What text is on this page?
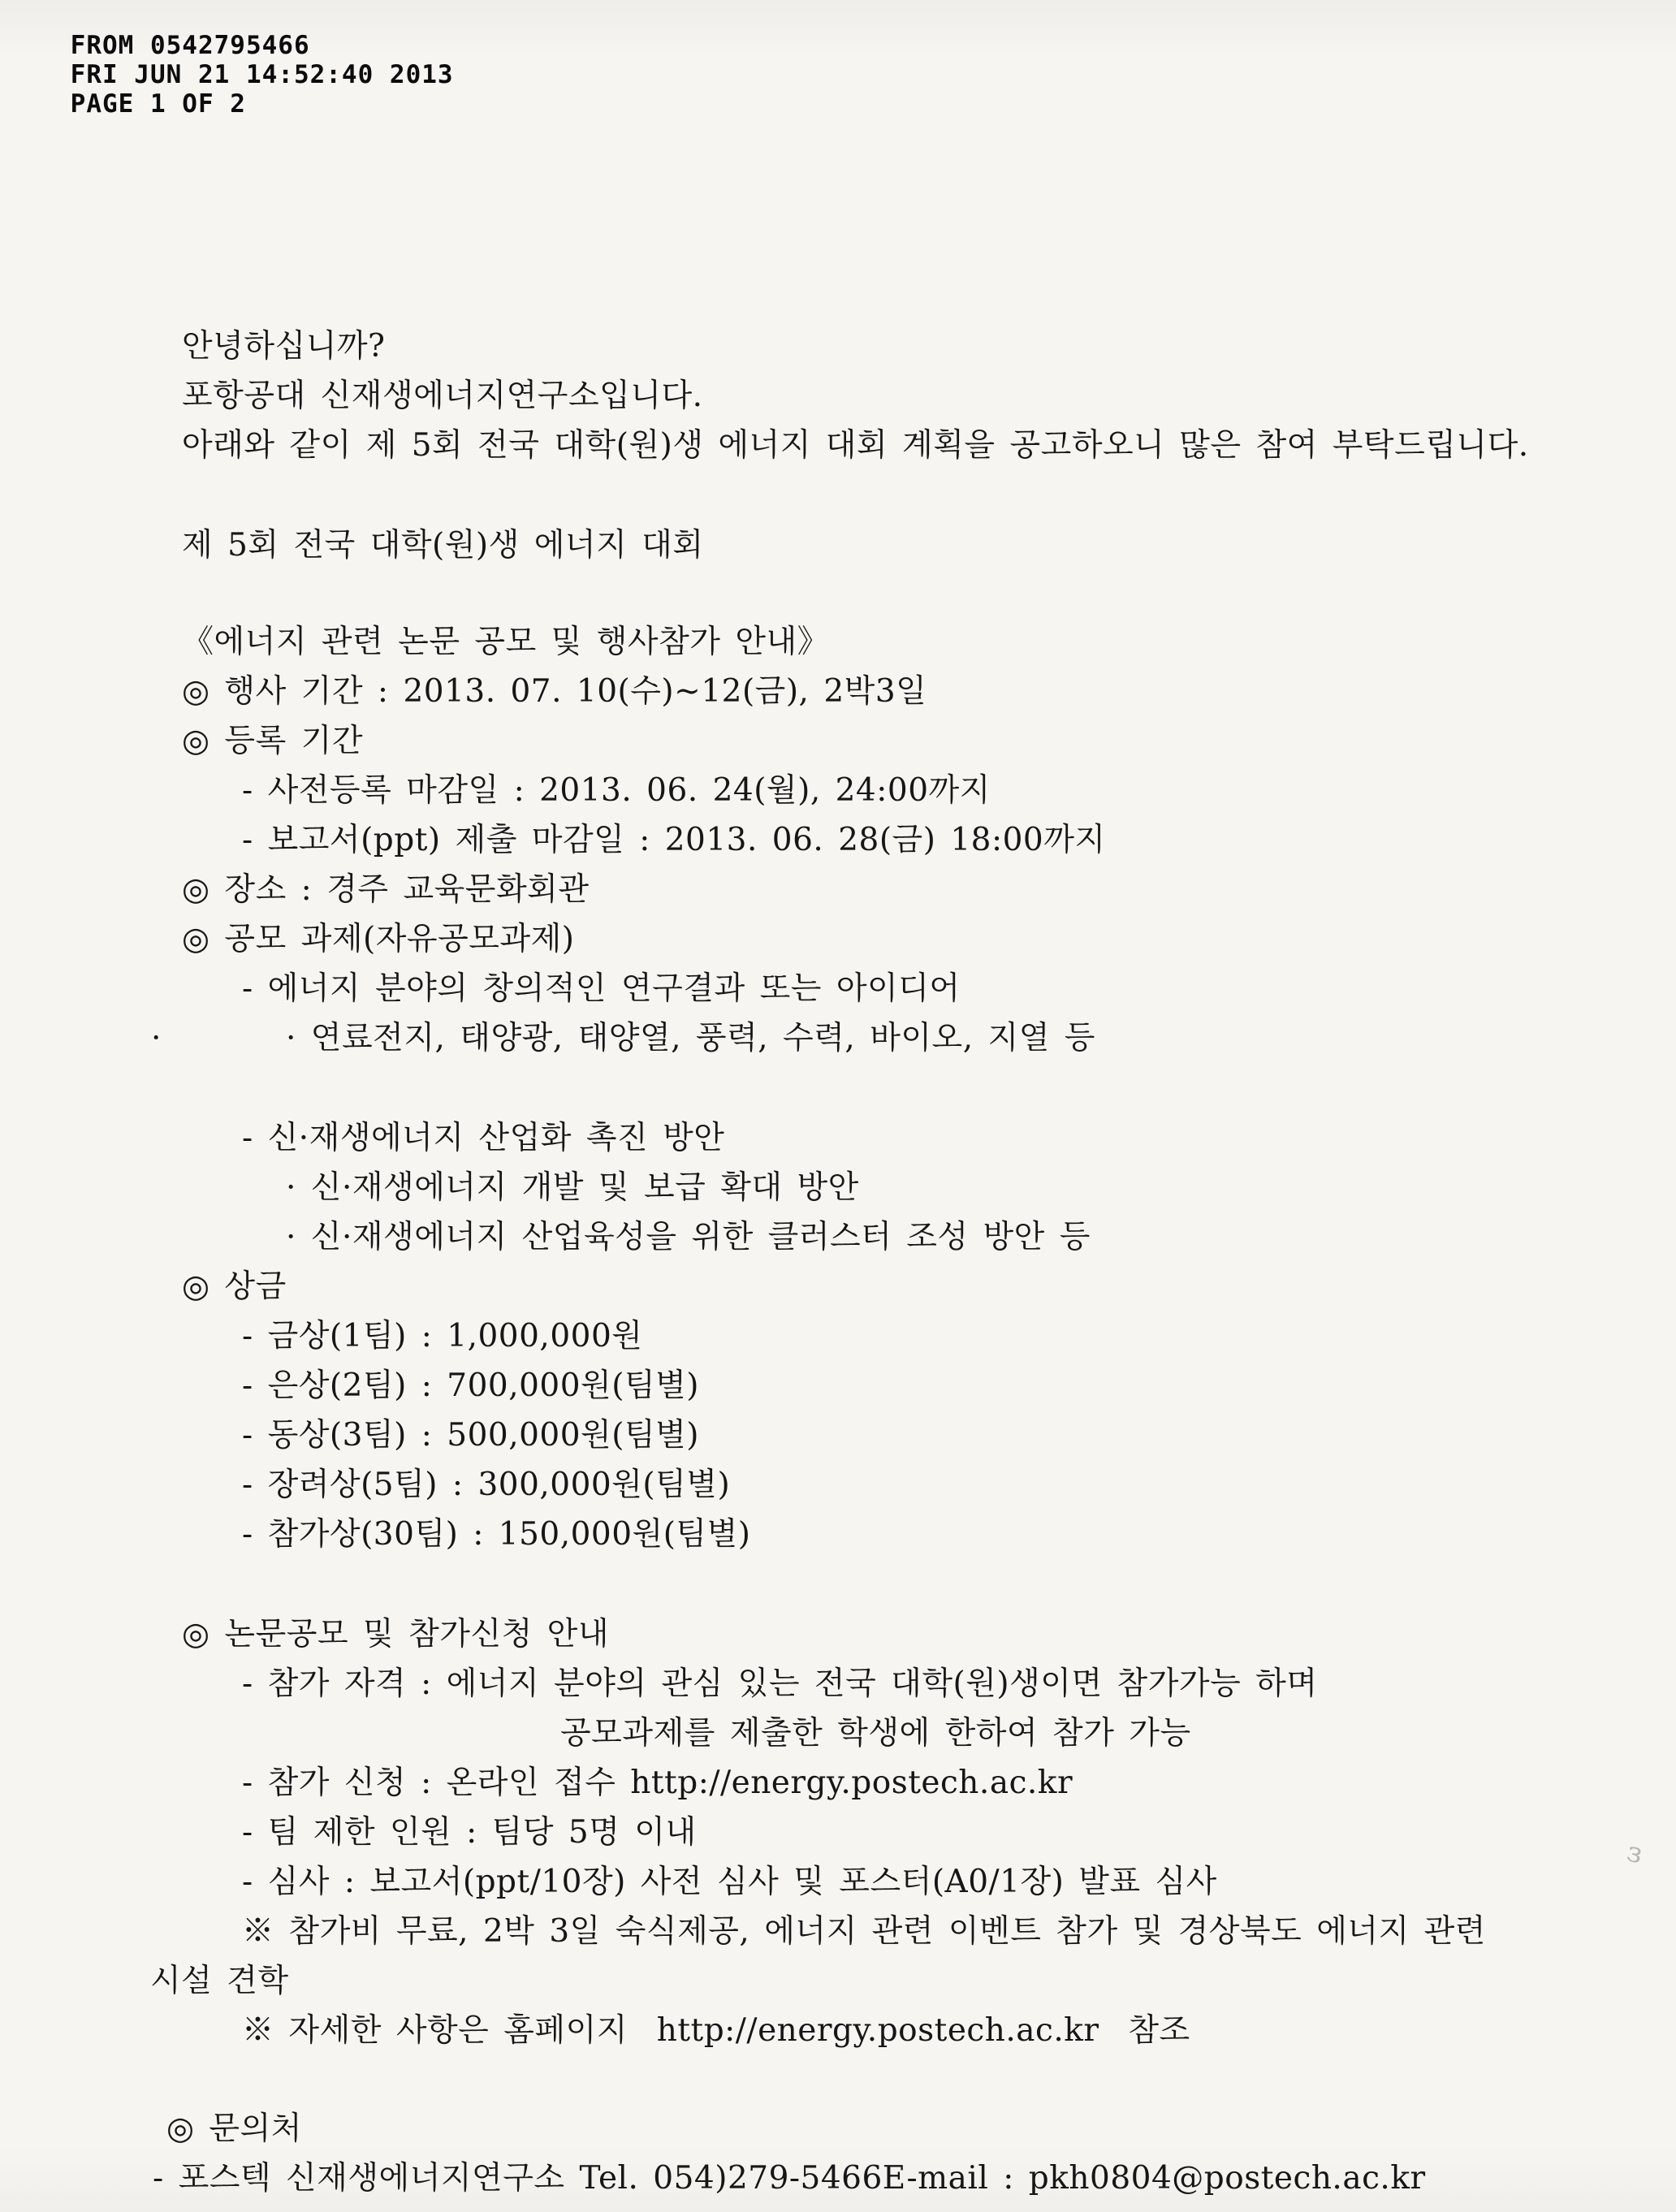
FROM 0542795466
FRI JUN 21 14:52:40 2013
PAGE 1 OF 2

안녕하십니까?
포항공대 신재생에너지연구소입니다.
아래와 같이 제 5회 전국 대학(원)생 에너지 대회 계획을 공고하오니 많은 참여 부탁드립니다.
제 5회 전국 대학(원)생 에너지 대회
《에너지 관련 논문 공모 및 행사참가 안내》
◎ 행사 기간 : 2013. 07. 10(수)~12(금), 2박3일
◎ 등록 기간
- 사전등록 마감일 : 2013. 06. 24(월), 24:00까지
- 보고서(ppt) 제출 마감일 : 2013. 06. 28(금) 18:00까지
◎ 장소 : 경주 교육문화회관
◎ 공모 과제(자유공모과제)
- 에너지 분야의 창의적인 연구결과 또는 아이디어
·	· 연료전지, 태양광, 태양열, 풍력, 수력, 바이오, 지열 등
- 신·재생에너지 산업화 촉진 방안
· 신·재생에너지 개발 및 보급 확대 방안
· 신·재생에너지 산업육성을 위한 클러스터 조성 방안 등
◎ 상금
- 금상(1팀) : 1,000,000원
- 은상(2팀) : 700,000원(팀별)
- 동상(3팀) : 500,000원(팀별)
- 장려상(5팀) : 300,000원(팀별)
- 참가상(30팀) : 150,000원(팀별)
◎ 논문공모 및 참가신청 안내
- 참가 자격 : 에너지 분야의 관심 있는 전국 대학(원)생이면 참가가능 하며
공모과제를 제출한 학생에 한하여 참가 가능
- 참가 신청 : 온라인 접수 http://energy.postech.ac.kr
- 팀 제한 인원 : 팀당 5명 이내
- 심사 : 보고서(ppt/10장) 사전 심사 및 포스터(A0/1장) 발표 심사
※ 참가비 무료, 2박 3일 숙식제공, 에너지 관련 이벤트 참가 및 경상북도 에너지 관련
시설 견학
※ 자세한 사항은 홈페이지  http://energy.postech.ac.kr  참조
◎ 문의처
- 포스텍 신재생에너지연구소 Tel. 054)279-5466E-mail : pkh0804@postech.ac.kr
з
